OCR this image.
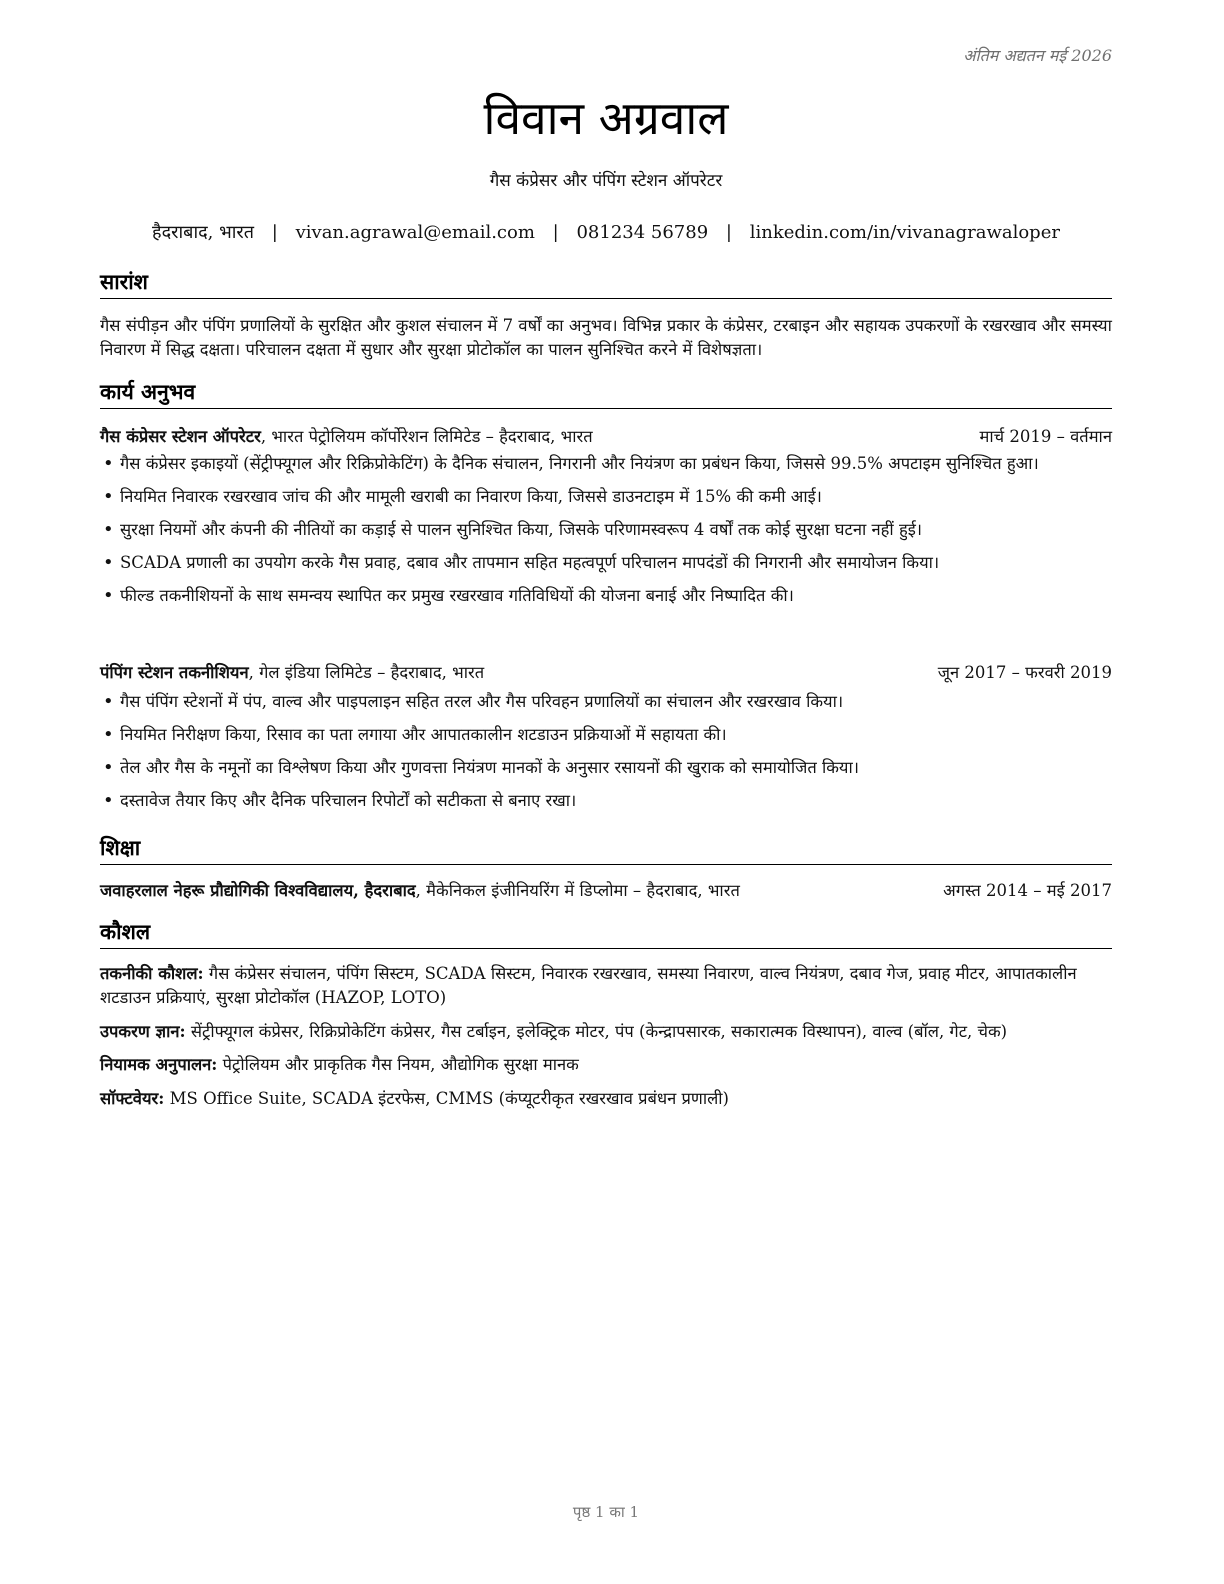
अंतिम अद्यतन मई 2026
विवान अग्रवाल
गैस कंप्रेसर और पंपिंग स्टेशन ऑपरेटर
हैदराबाद, भारत | vivan.agrawal@email.com | 081234 56789 | linkedin.com/in/vivanagrawaloper
सारांश
गैस संपीड़न और पंपिंग प्रणालियों के सुरक्षित और कुशल संचालन में 7 वर्षों का अनुभव। विभिन्न प्रकार के कंप्रेसर, टरबाइन और सहायक उपकरणों के रखरखाव और समस्या निवारण में सिद्ध दक्षता। परिचालन दक्षता में सुधार और सुरक्षा प्रोटोकॉल का पालन सुनिश्चित करने में विशेषज्ञता।
कार्य अनुभव
गैस कंप्रेसर स्टेशन ऑपरेटर, भारत पेट्रोलियम कॉर्पोरेशन लिमिटेड – हैदराबाद, भारत	मार्च 2019 – वर्तमान
• गैस कंप्रेसर इकाइयों (सेंट्रीफ्यूगल और रिक्रिप्रोकेटिंग) के दैनिक संचालन, निगरानी और नियंत्रण का प्रबंधन किया, जिससे 99.5% अपटाइम सुनिश्चित हुआ।
• नियमित निवारक रखरखाव जांच की और मामूली खराबी का निवारण किया, जिससे डाउनटाइम में 15% की कमी आई।
• सुरक्षा नियमों और कंपनी की नीतियों का कड़ाई से पालन सुनिश्चित किया, जिसके परिणामस्वरूप 4 वर्षों तक कोई सुरक्षा घटना नहीं हुई।
• SCADA प्रणाली का उपयोग करके गैस प्रवाह, दबाव और तापमान सहित महत्वपूर्ण परिचालन मापदंडों की निगरानी और समायोजन किया।
• फील्ड तकनीशियनों के साथ समन्वय स्थापित कर प्रमुख रखरखाव गतिविधियों की योजना बनाई और निष्पादित की।
पंपिंग स्टेशन तकनीशियन, गेल इंडिया लिमिटेड – हैदराबाद, भारत	जून 2017 – फरवरी 2019
• गैस पंपिंग स्टेशनों में पंप, वाल्व और पाइपलाइन सहित तरल और गैस परिवहन प्रणालियों का संचालन और रखरखाव किया।
• नियमित निरीक्षण किया, रिसाव का पता लगाया और आपातकालीन शटडाउन प्रक्रियाओं में सहायता की।
• तेल और गैस के नमूनों का विश्लेषण किया और गुणवत्ता नियंत्रण मानकों के अनुसार रसायनों की खुराक को समायोजित किया।
• दस्तावेज तैयार किए और दैनिक परिचालन रिपोर्टों को सटीकता से बनाए रखा।
शिक्षा
जवाहरलाल नेहरू प्रौद्योगिकी विश्वविद्यालय, हैदराबाद, मैकेनिकल इंजीनियरिंग में डिप्लोमा – हैदराबाद, भारत	अगस्त 2014 – मई 2017
कौशल
तकनीकी कौशल: गैस कंप्रेसर संचालन, पंपिंग सिस्टम, SCADA सिस्टम, निवारक रखरखाव, समस्या निवारण, वाल्व नियंत्रण, दबाव गेज, प्रवाह मीटर, आपातकालीन शटडाउन प्रक्रियाएं, सुरक्षा प्रोटोकॉल (HAZOP, LOTO)
उपकरण ज्ञान: सेंट्रीफ्यूगल कंप्रेसर, रिक्रिप्रोकेटिंग कंप्रेसर, गैस टर्बाइन, इलेक्ट्रिक मोटर, पंप (केन्द्रापसारक, सकारात्मक विस्थापन), वाल्व (बॉल, गेट, चेक)
नियामक अनुपालन: पेट्रोलियम और प्राकृतिक गैस नियम, औद्योगिक सुरक्षा मानक
सॉफ्टवेयर: MS Office Suite, SCADA इंटरफेस, CMMS (कंप्यूटरीकृत रखरखाव प्रबंधन प्रणाली)
पृष्ठ 1 का 1
